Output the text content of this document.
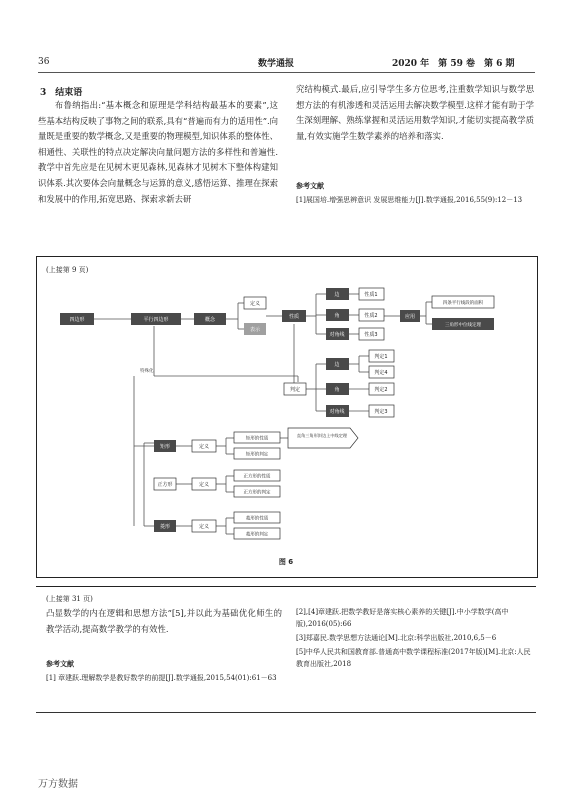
36	数学通报	2020 年　第 59 卷　第 6 期
3　结束语

布鲁纳指出:“基本概念和原理是学科结构最基本的要素”,这些基本结构反映了事物之间的联系,具有“普遍而有力的适用性”.向量既是重要的数学概念,又是重要的物理模型,知识体系的整体性、相通性、关联性的特点决定解决向量问题方法的多样性和普遍性.教学中首先应是在见树木更见森林,见森林才见树木下整体构建知识体系.其次要体会向量概念与运算的意义,感悟运算、推理在探索和发展中的作用,拓宽思路、探索求新去研

究结构模式.最后,应引导学生多方位思考,注重数学知识与数学思想方法的有机渗透和灵活运用去解决数学模型.这样才能有助于学生深刻理解、熟练掌握和灵活运用数学知识,才能切实提高教学质量,有效实施学生数学素养的培养和落实.

参考文献
[1]展国培.增强思辨意识 发展思维能力[J].数学通报,2016,55(9):12－13
(上接第 9 页)
四边形	平行四边形	概念
定义
表示
性质
边
角
对角线
性质1
性质2
性质3
应用
四条平行线段的面积
三角形中位线定理
判定
边
角
对角线
判定1
判定4
判定2
判定3
特殊化
矩形	定义
矩形的性质
矩形的判定
直角三角形斜边上中线定理
正方形	定义
正方形的性质
正方形的判定
菱形	定义
菱形的性质
菱形的判定
图 6
(上接第 31 页)

凸显数学的内在逻辑和思想方法”[5],并以此为基础优化师生的教学活动,提高数学教学的有效性.

参考文献
[1] 章建跃.理解数学是教好数学的前提[J].数学通报,2015,54(01):61－63
[2],[4]章建跃.把数学教好是落实核心素养的关键[J].中小学数学(高中版),2016(05):66
[3]郑嘉民.数学思想方法通论[M].北京:科学出版社,2010,6,5－6
[5]中华人民共和国教育部.普通高中数学课程标准(2017年版)[M].北京:人民教育出版社,2018
万方数据
